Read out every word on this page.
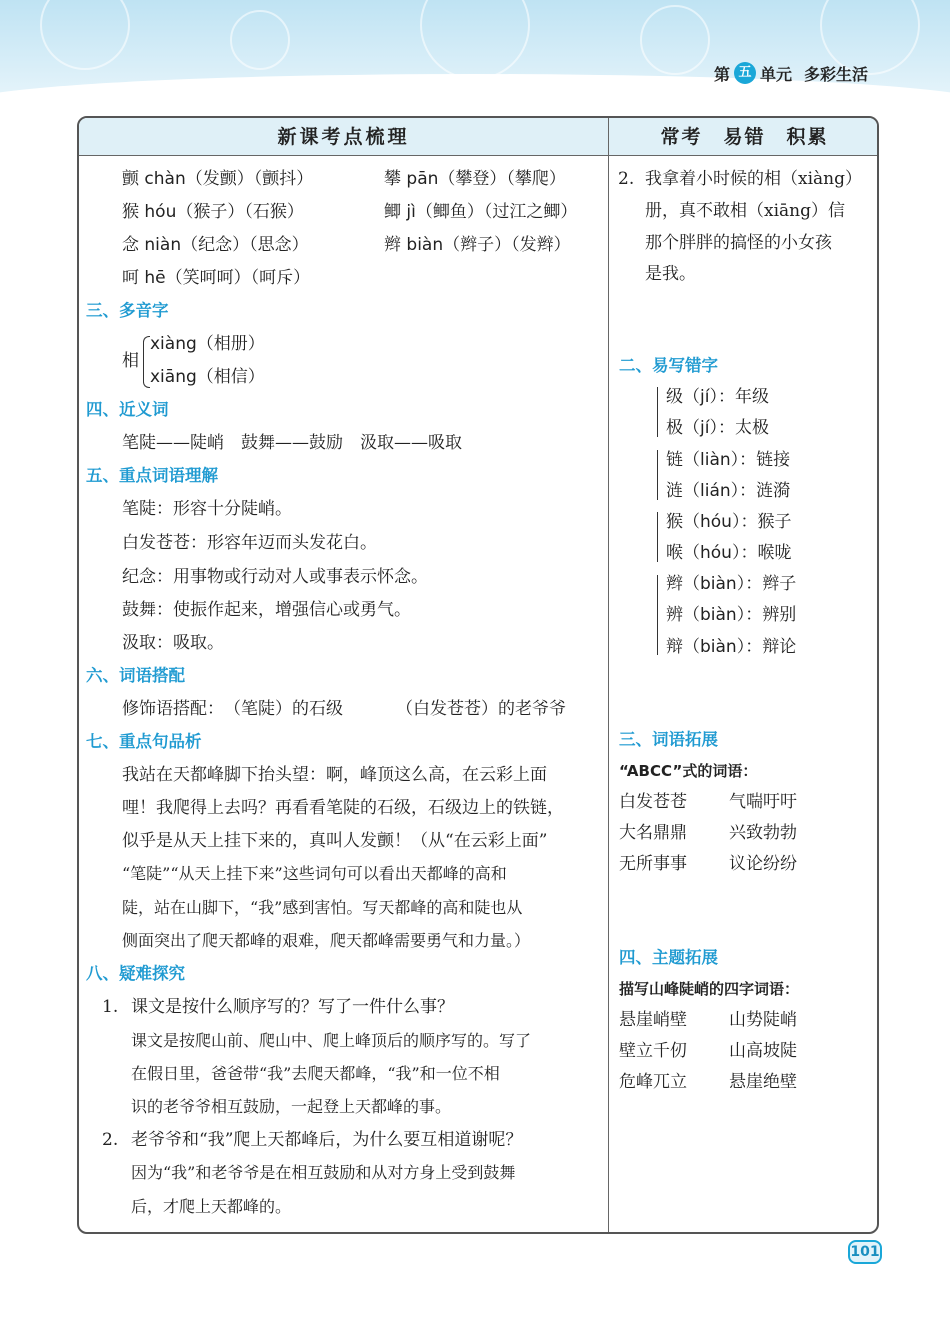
第 五 单元 多彩生活
新课考点梳理	常考　易错　积累
颤 chàn（发颤）（颤抖）	攀 pān（攀登）（攀爬）
猴 hóu（猴子）（石猴）	鲫 jì（鲫鱼）（过江之鲫）
念 niàn（纪念）（思念）	辫 biàn（辫子）（发辫）
呵 hē（笑呵呵）（呵斥）
三、多音字
相
xiàng（相册）
xiāng（相信）
四、近义词
笔陡——陡峭　鼓舞——鼓励　汲取——吸取
五、重点词语理解
笔陡：形容十分陡峭。
白发苍苍：形容年迈而头发花白。
纪念：用事物或行动对人或事表示怀念。
鼓舞：使振作起来，增强信心或勇气。
汲取：吸取。
六、词语搭配
修饰语搭配： （笔陡）的石级	（白发苍苍）的老爷爷
七、重点句品析
我站在天都峰脚下抬头望：啊，峰顶这么高，在云彩上面
哩！我爬得上去吗？再看看笔陡的石级，石级边上的铁链，
似乎是从天上挂下来的，真叫人发颤！（从“在云彩上面”
“笔陡”“从天上挂下来”这些词句可以看出天都峰的高和
陡，站在山脚下，“我”感到害怕。写天都峰的高和陡也从
侧面突出了爬天都峰的艰难，爬天都峰需要勇气和力量。）
八、疑难探究
1. 课文是按什么顺序写的？写了一件什么事？
课文是按爬山前、爬山中、爬上峰顶后的顺序写的。写了
在假日里，爸爸带“我”去爬天都峰，“我”和一位不相
识的老爷爷相互鼓励，一起登上天都峰的事。
2. 老爷爷和“我”爬上天都峰后，为什么要互相道谢呢？
因为“我”和老爷爷是在相互鼓励和从对方身上受到鼓舞
后，才爬上天都峰的。
2. 我拿着小时候的相（xiàng）
册，真不敢相（xiāng）信
那个胖胖的搞怪的小女孩
是我。
二、易写错字
级（jí）：年级
极（jí）：太极
链（liàn）：链接
涟（lián）：涟漪
猴（hóu）：猴子
喉（hóu）：喉咙
辫（biàn）：辫子
辨（biàn）：辨别
辩（biàn）：辩论
三、词语拓展
“ABCC”式的词语：
白发苍苍 气喘吁吁
大名鼎鼎 兴致勃勃
无所事事 议论纷纷
四、主题拓展
描写山峰陡峭的四字词语：
悬崖峭壁 山势陡峭
壁立千仞 山高坡陡
危峰兀立 悬崖绝壁
101
